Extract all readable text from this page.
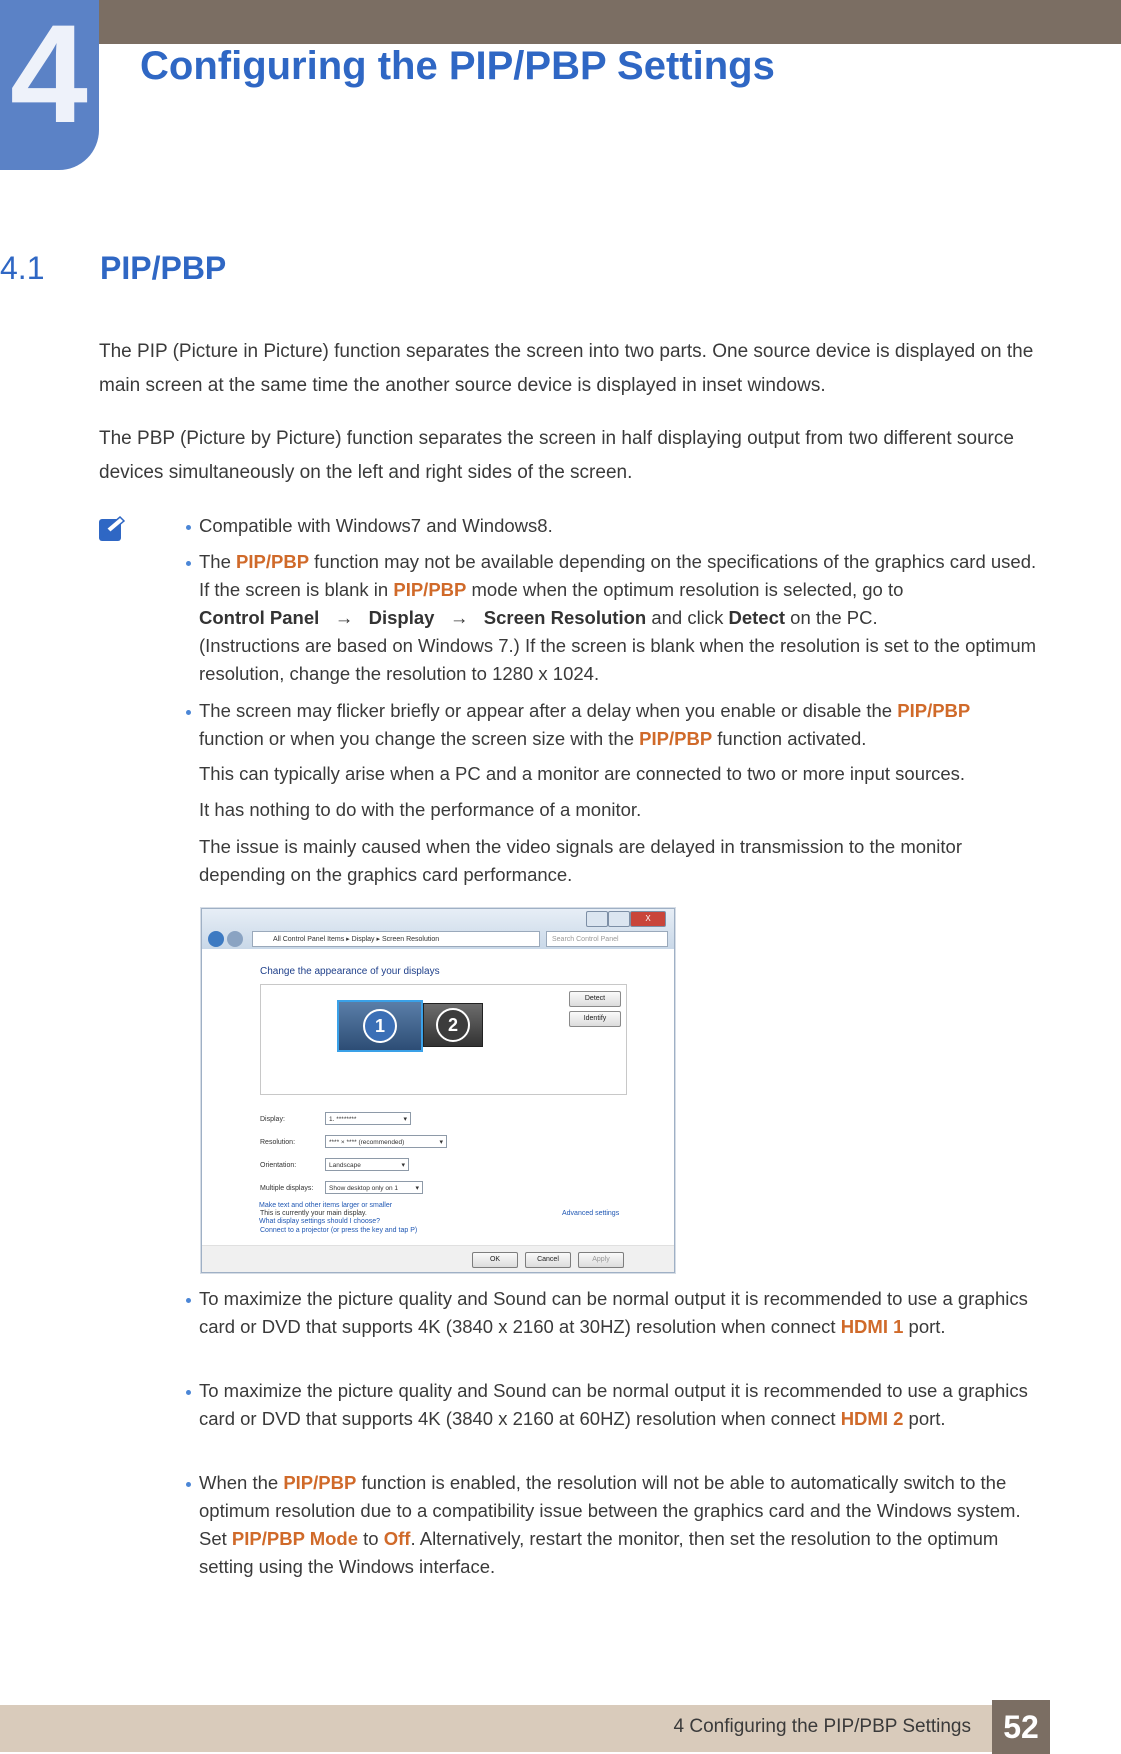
4 Configuring the PIP/PBP Settings
4.1 PIP/PBP
The PIP (Picture in Picture) function separates the screen into two parts. One source device is displayed on the main screen at the same time the another source device is displayed in inset windows.
The PBP (Picture by Picture) function separates the screen in half displaying output from two different source devices simultaneously on the left and right sides of the screen.
Compatible with Windows7 and Windows8.
The PIP/PBP function may not be available depending on the specifications of the graphics card used. If the screen is blank in PIP/PBP mode when the optimum resolution is selected, go to
Control Panel → Display → Screen Resolution and click Detect on the PC.
(Instructions are based on Windows 7.) If the screen is blank when the resolution is set to the optimum resolution, change the resolution to 1280 x 1024.
The screen may flicker briefly or appear after a delay when you enable or disable the PIP/PBP function or when you change the screen size with the PIP/PBP function activated.
This can typically arise when a PC and a monitor are connected to two or more input sources.
It has nothing to do with the performance of a monitor.
The issue is mainly caused when the video signals are delayed in transmission to the monitor depending on the graphics card performance.
X
All Control Panel Items ▸ Display ▸ Screen Resolution	Search Control Panel
Change the appearance of your displays
1	2
Detect
Identify
Display:	1. ******** ▾
Resolution:	**** × **** (recommended) ▾
Orientation:	Landscape ▾
Multiple displays:	Show desktop only on 1 ▾
This is currently your main display.	Advanced settings
Connect to a projector (or press the key and tap P)
OK	Cancel	Apply
Make text and other items larger or smaller
What display settings should I choose?
To maximize the picture quality and Sound can be normal output it is recommended to use a graphics card or DVD that supports 4K (3840 x 2160 at 30HZ) resolution when connect HDMI 1 port.
To maximize the picture quality and Sound can be normal output it is recommended to use a graphics card or DVD that supports 4K (3840 x 2160 at 60HZ) resolution when connect HDMI 2 port.
When the PIP/PBP function is enabled, the resolution will not be able to automatically switch to the optimum resolution due to a compatibility issue between the graphics card and the Windows system. Set PIP/PBP Mode to Off. Alternatively, restart the monitor, then set the resolution to the optimum setting using the Windows interface.
4 Configuring the PIP/PBP Settings	52
